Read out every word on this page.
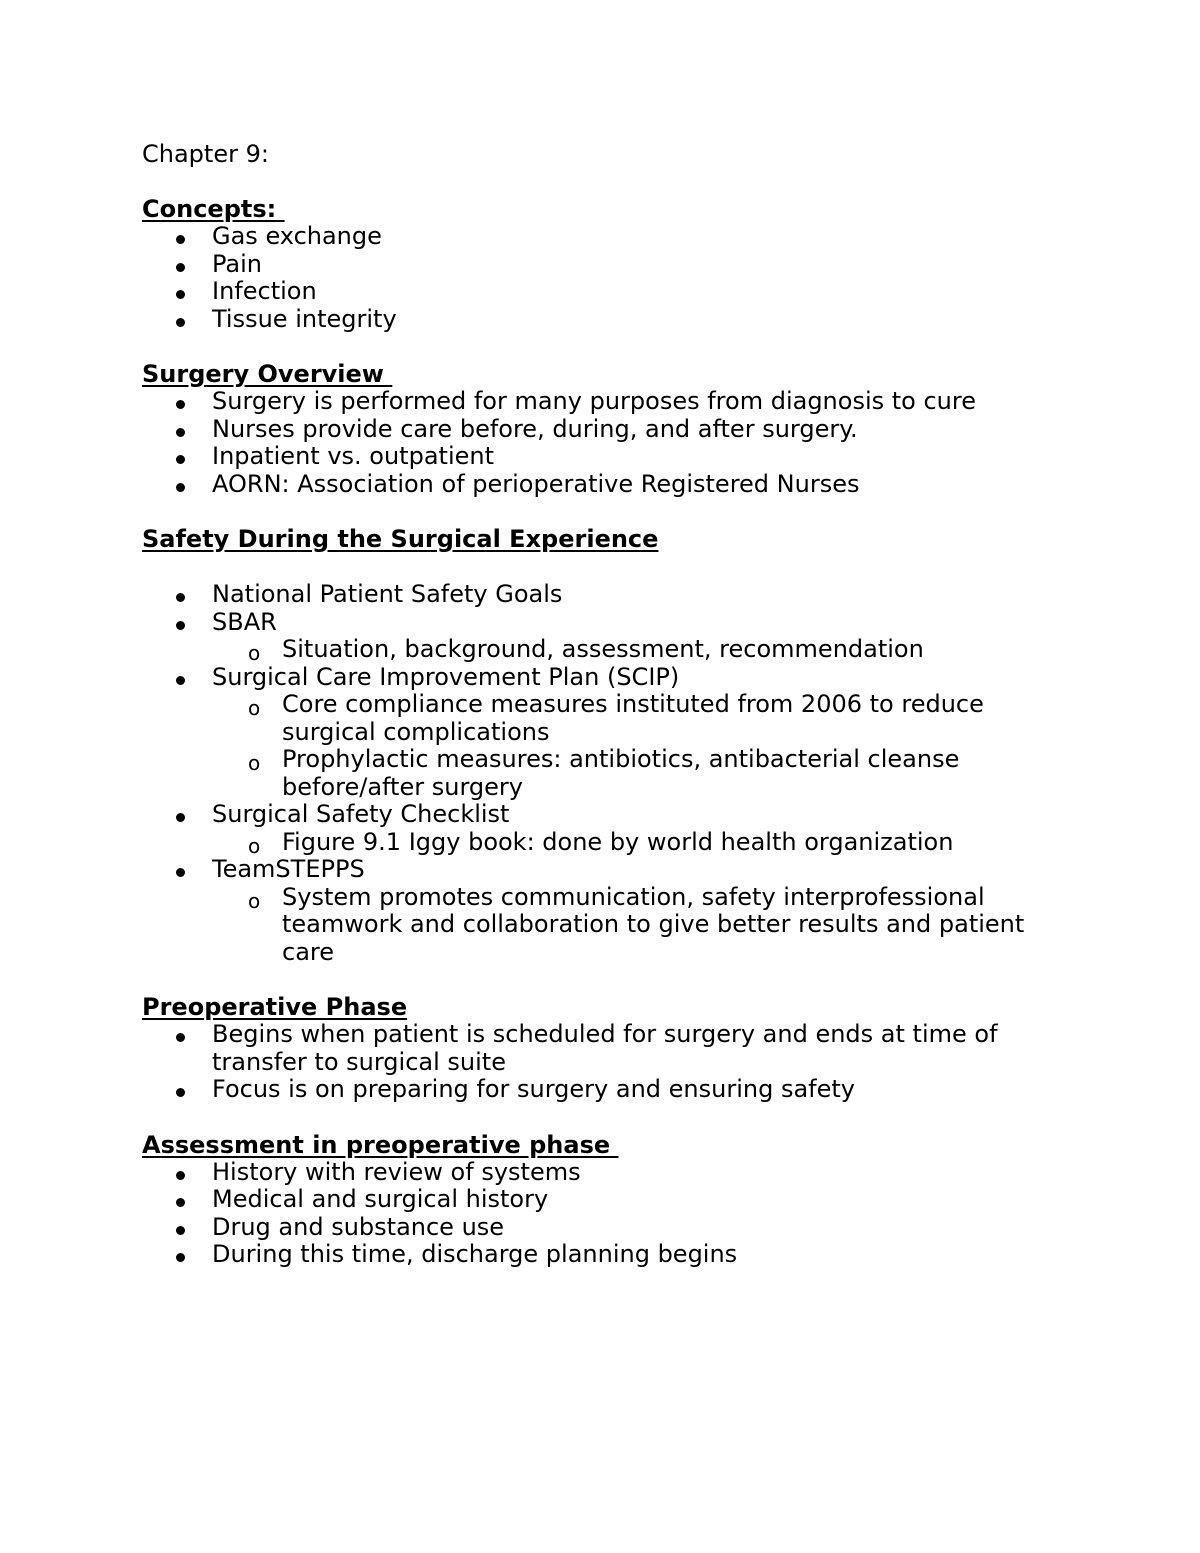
Chapter 9:
Concepts:
Gas exchange
Pain
Infection
Tissue integrity
Surgery Overview
Surgery is performed for many purposes from diagnosis to cure
Nurses provide care before, during, and after surgery.
Inpatient vs. outpatient
AORN: Association of perioperative Registered Nurses
Safety During the Surgical Experience
National Patient Safety Goals
SBAR
o Situation, background, assessment, recommendation
Surgical Care Improvement Plan (SCIP)
o Core compliance measures instituted from 2006 to reduce surgical complications
o Prophylactic measures: antibiotics, antibacterial cleanse before/after surgery
Surgical Safety Checklist
o Figure 9.1 Iggy book: done by world health organization
TeamSTEPPS
o System promotes communication, safety interprofessional teamwork and collaboration to give better results and patient care
Preoperative Phase
Begins when patient is scheduled for surgery and ends at time of transfer to surgical suite
Focus is on preparing for surgery and ensuring safety
Assessment in preoperative phase
History with review of systems
Medical and surgical history
Drug and substance use
During this time, discharge planning begins
